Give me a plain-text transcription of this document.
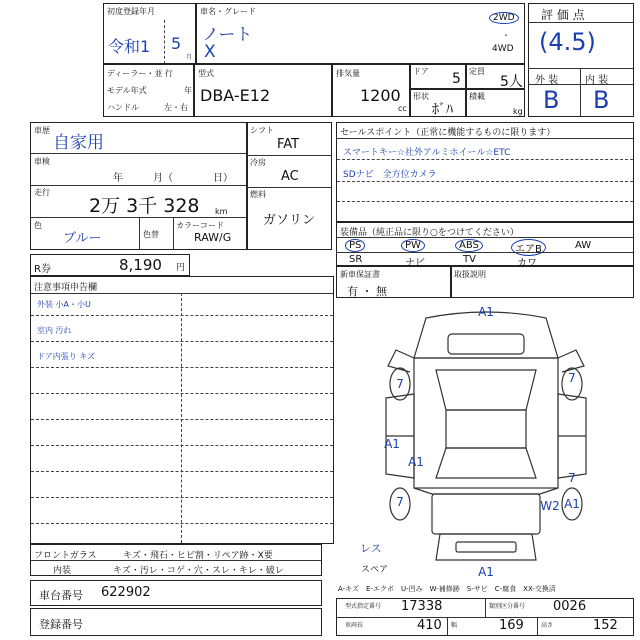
初度登録年月
令和1 5
月
車名・グレード
ノート
X
2WD
・
4WD
評 価 点
(4.5)
外 装	内 装
B B
ディーラー・並 行
モデル年式	年
ハンドル	左・右
型式
DBA-E12
排気量
1200
cc
ドア 5 定員
5人
形状
ﾎﾞﾊ
積載
kg
車歴
自家用
車検
年　　　月（　　　　日）
走行
2万 3千 328 km
色
ブルー	色替
カラーコード
RAW/G
R券	8,190 円
シフト
FAT
冷房
AC
燃料
ガソリン
セールスポイント（正常に機能するものに限ります）
スマートキー☆社外アルミホイール☆ETC
SDナビ　全方位カメラ
装備品（純正品に限り○をつけてください）
PS	PW	ABS	エアB	AW
SR	ナビ	TV	カワ
新車保証書
有 ・ 無
取扱説明
注意事項申告欄
外装 小A・小U
室内 汚れ
ドア内張り キズ
フロントガラス	キズ・飛石・ヒビ割・リペア跡・X要
内装	キズ・汚レ・コゲ・穴・スレ・キレ・破レ
車台番号 622902
登録番号
A1
7	7
A1
A1
7
A1
7	W2
A1
レス
スペア
A-キズ　E-エクボ　U-凹み　W-補修跡　S-サビ　C-腐食　XX-交換済
型式指定番号 17338	類別区分番号 0026
車両長	410 幅	169	高さ	152
